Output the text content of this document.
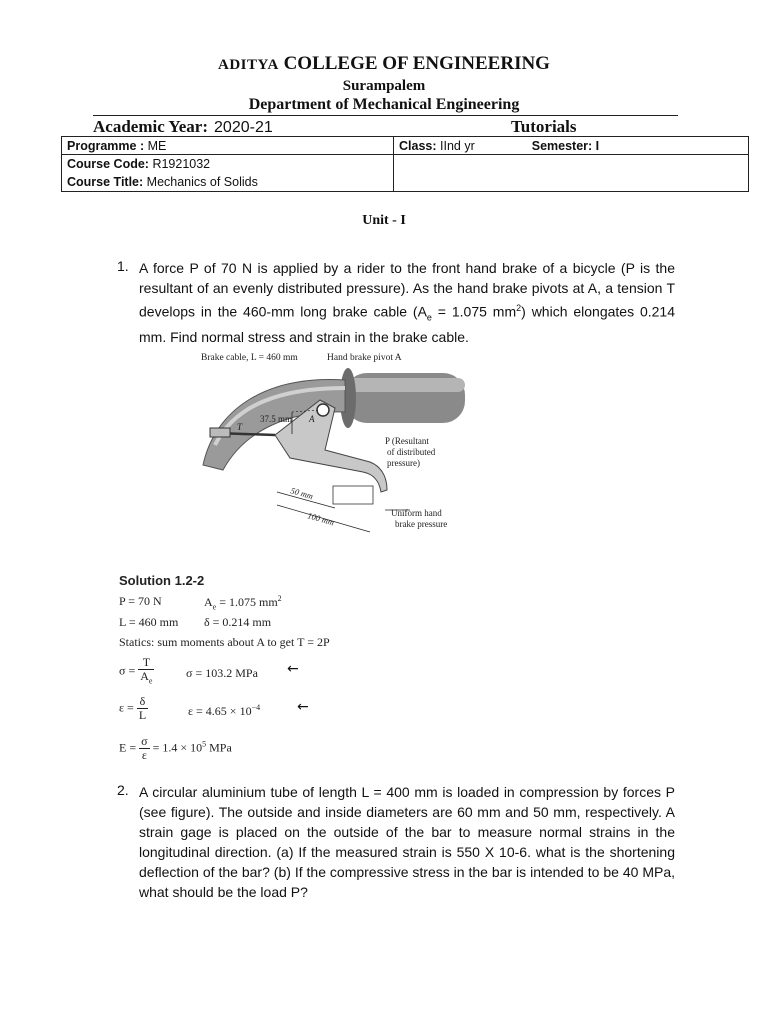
ADITYA COLLEGE OF ENGINEERING
Surampalem
Department of Mechanical Engineering
Academic Year: 2020-21	Tutorials
Programme : ME	Class: IInd yr Semester: I
Course Code: R1921032	
Course Title: Mechanics of Solids	
Unit - I
1. A force P of 70 N is applied by a rider to the front hand brake of a bicycle (P is the resultant of an evenly distributed pressure). As the hand brake pivots at A, a tension T develops in the 460-mm long brake cable ($A_e = 1.075$ $mm^2$) which elongates 0.214 mm. Find normal stress and strain in the brake cable.
Brake cable, L = 460 mm	Hand brake pivot A
37.5 mm A
T
P (Resultant
of distributed
pressure)
50 mm
100 mm	Uniform hand
brake pressure
Solution 1.2-2
P = 70 N	$A_e = 1.075$ $mm^2$
L = 460 mm δ = 0.214 mm
Statics: sum moments about A to get T = 2P
$\sigma = \frac{T}{A_e}$	σ = 103.2 MPa ←
$\varepsilon = \frac{\delta}{L}$	$\varepsilon = 4.65 \times 10^{-4}$	←
$E = \frac{\sigma}{\varepsilon} = 1.4 \times 10^5$ MPa
2. A circular aluminium tube of length L = 400 mm is loaded in compression by forces P (see figure). The outside and inside diameters are 60 mm and 50 mm, respectively. A strain gage is placed on the outside of the bar to measure normal strains in the longitudinal direction. (a) If the measured strain is 550 X 10-6. what is the shortening deflection of the bar? (b) If the compressive stress in the bar is intended to be 40 MPa, what should be the load P?
